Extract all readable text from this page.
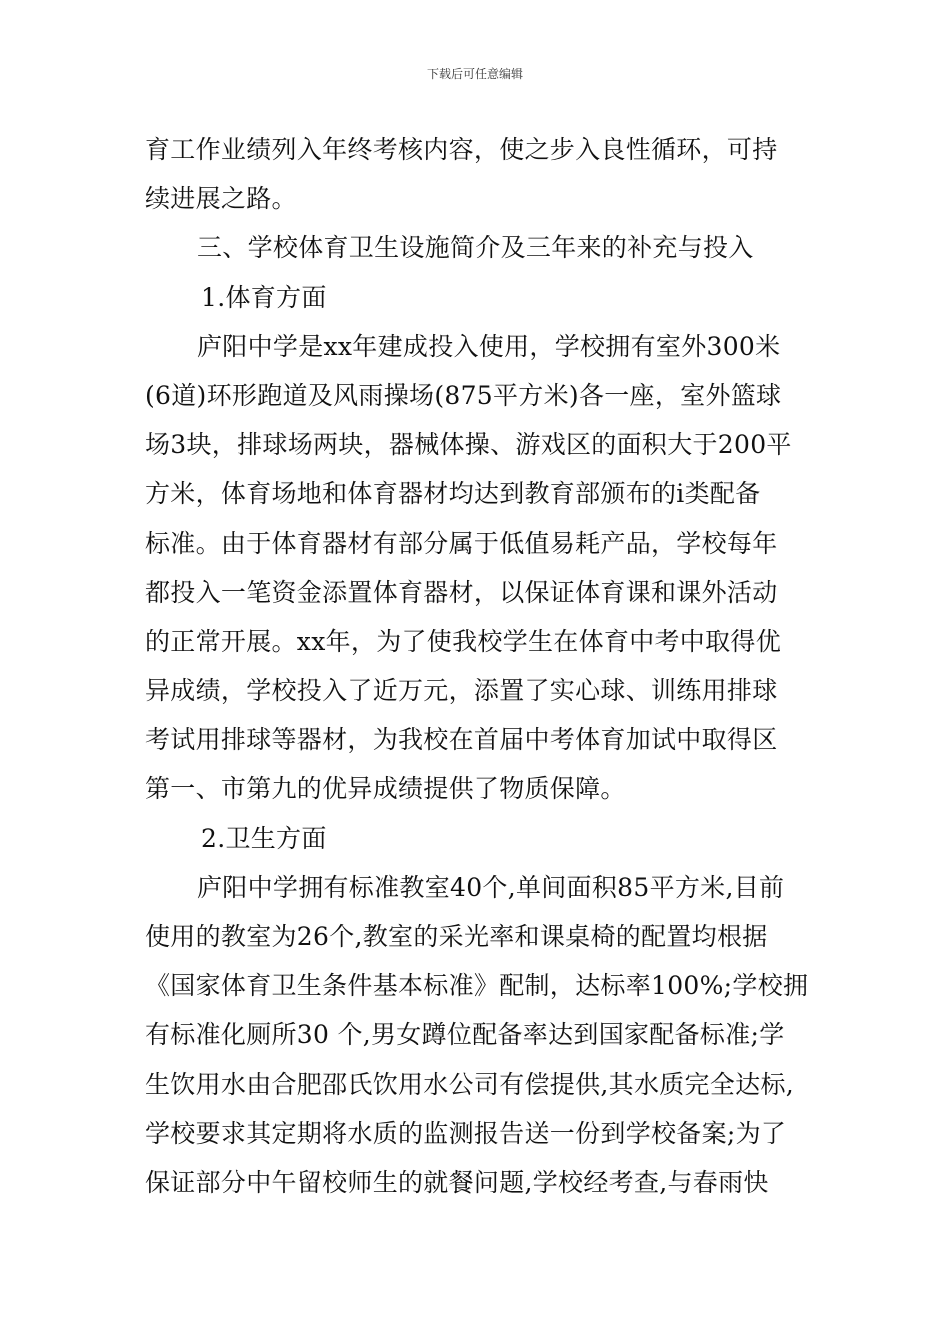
下载后可任意编辑
育工作业绩列入年终考核内容，使之步入良性循环，可持
续进展之路。
三、学校体育卫生设施简介及三年来的补充与投入
1.体育方面
庐阳中学是xx年建成投入使用，学校拥有室外300米
(6道)环形跑道及风雨操场(875平方米)各一座，室外篮球
场3块，排球场两块，器械体操、游戏区的面积大于200平
方米，体育场地和体育器材均达到教育部颁布的i类配备
标准。由于体育器材有部分属于低值易耗产品，学校每年
都投入一笔资金添置体育器材，以保证体育课和课外活动
的正常开展。xx年，为了使我校学生在体育中考中取得优
异成绩，学校投入了近万元，添置了实心球、训练用排球
考试用排球等器材，为我校在首届中考体育加试中取得区
第一、市第九的优异成绩提供了物质保障。
2.卫生方面
庐阳中学拥有标准教室40个,单间面积85平方米,目前
使用的教室为26个,教室的采光率和课桌椅的配置均根据
《国家体育卫生条件基本标准》配制，达标率100%;学校拥
有标准化厕所30 个,男女蹲位配备率达到国家配备标准;学
生饮用水由合肥邵氏饮用水公司有偿提供,其水质完全达标,
学校要求其定期将水质的监测报告送一份到学校备案;为了
保证部分中午留校师生的就餐问题,学校经考查,与春雨快
